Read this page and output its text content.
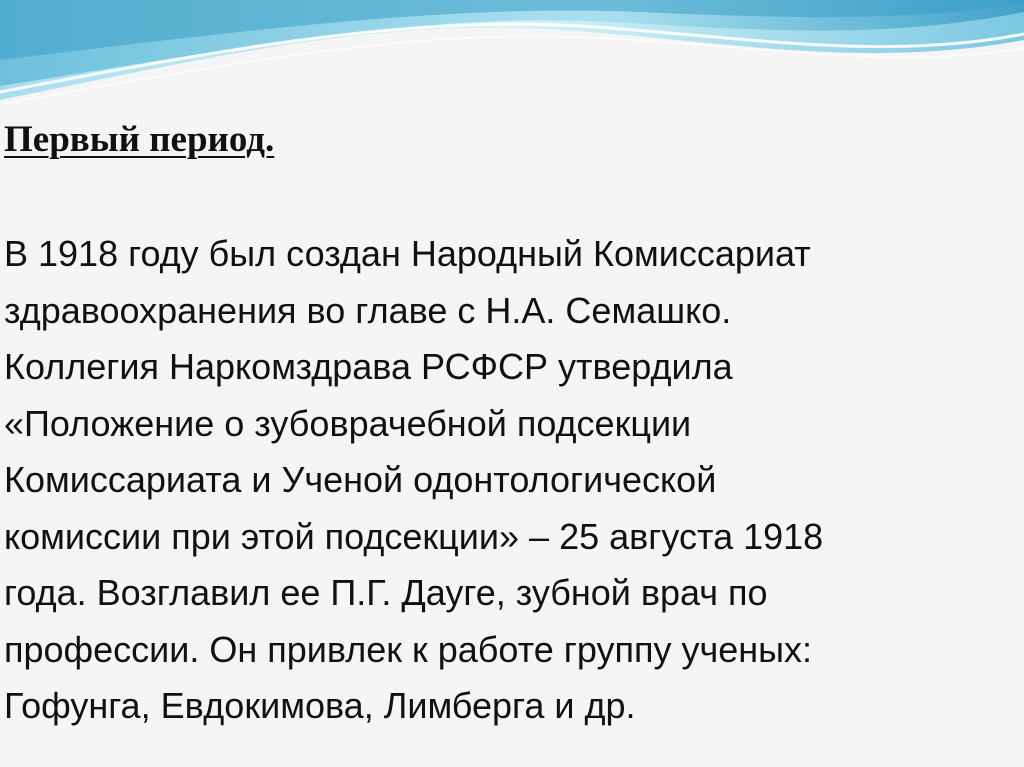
Первый период.

В 1918 году был создан Народный Комиссариат
здравоохранения во главе с Н.А. Семашко.
Коллегия Наркомздрава РСФСР утвердила
«Положение о зубоврачебной подсекции
Комиссариата и Ученой одонтологической
комиссии при этой подсекции» – 25 августа 1918
года. Возглавил ее П.Г. Дауге, зубной врач по
профессии. Он привлек к работе группу ученых:
Гофунга, Евдокимова, Лимберга и др.
